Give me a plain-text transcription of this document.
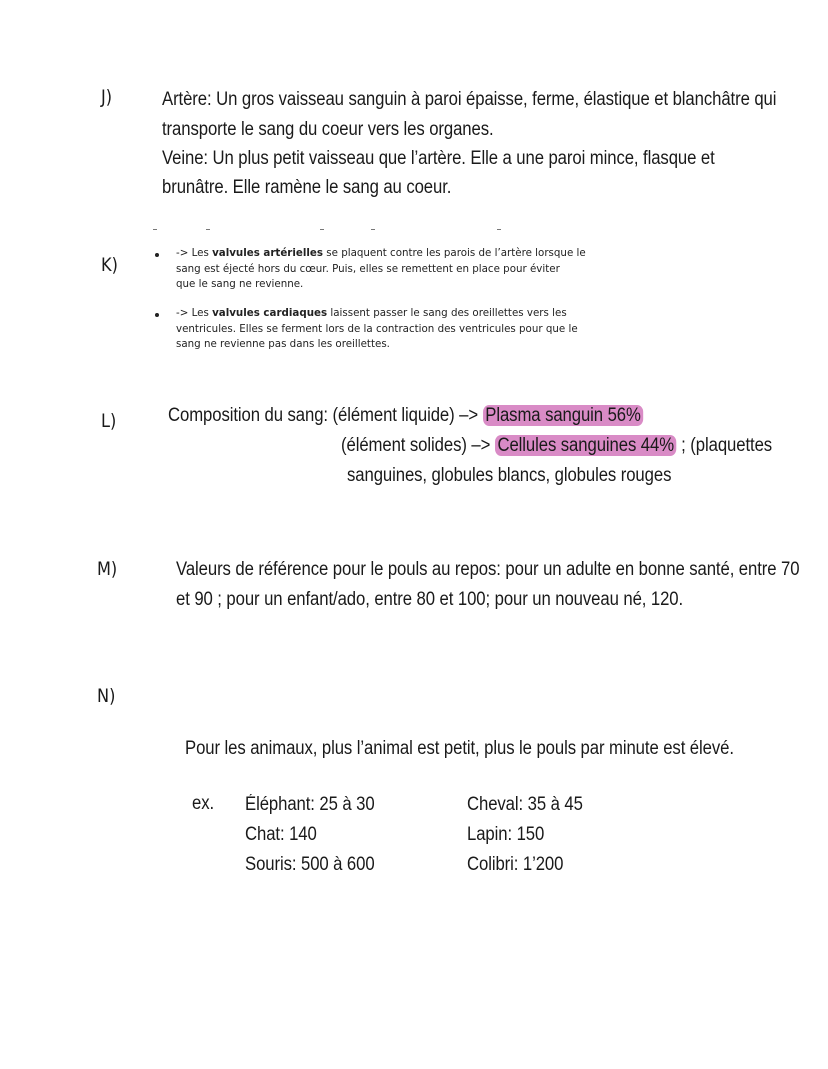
J)	Artère: Un gros vaisseau sanguin à paroi épaisse, ferme, élastique et blanchâtre qui
transporte le sang du coeur vers les organes.
Veine: Un plus petit vaisseau que l’artère. Elle a une paroi mince, flasque et
brunâtre. Elle ramène le sang au coeur.
K)
-> Les valvules artérielles se plaquent contre les parois de l’artère lorsque le
sang est éjecté hors du cœur. Puis, elles se remettent en place pour éviter
que le sang ne revienne.
-> Les valvules cardiaques laissent passer le sang des oreillettes vers les
ventricules. Elles se ferment lors de la contraction des ventricules pour que le
sang ne revienne pas dans les oreillettes.
L)	Composition du sang: (élément liquide) –> Plasma sanguin 56%
(élément solides) –> Cellules sanguines 44% ; (plaquettes
sanguines, globules blancs, globules rouges
M)	Valeurs de référence pour le pouls au repos: pour un adulte en bonne santé, entre 70
et 90 ; pour un enfant/ado, entre 80 et 100; pour un nouveau né, 120.
N)
Pour les animaux, plus l’animal est petit, plus le pouls par minute est élevé.
ex. Éléphant: 25 à 30	Cheval: 35 à 45
Chat: 140	Lapin: 150
Souris: 500 à 600	Colibri: 1’200
